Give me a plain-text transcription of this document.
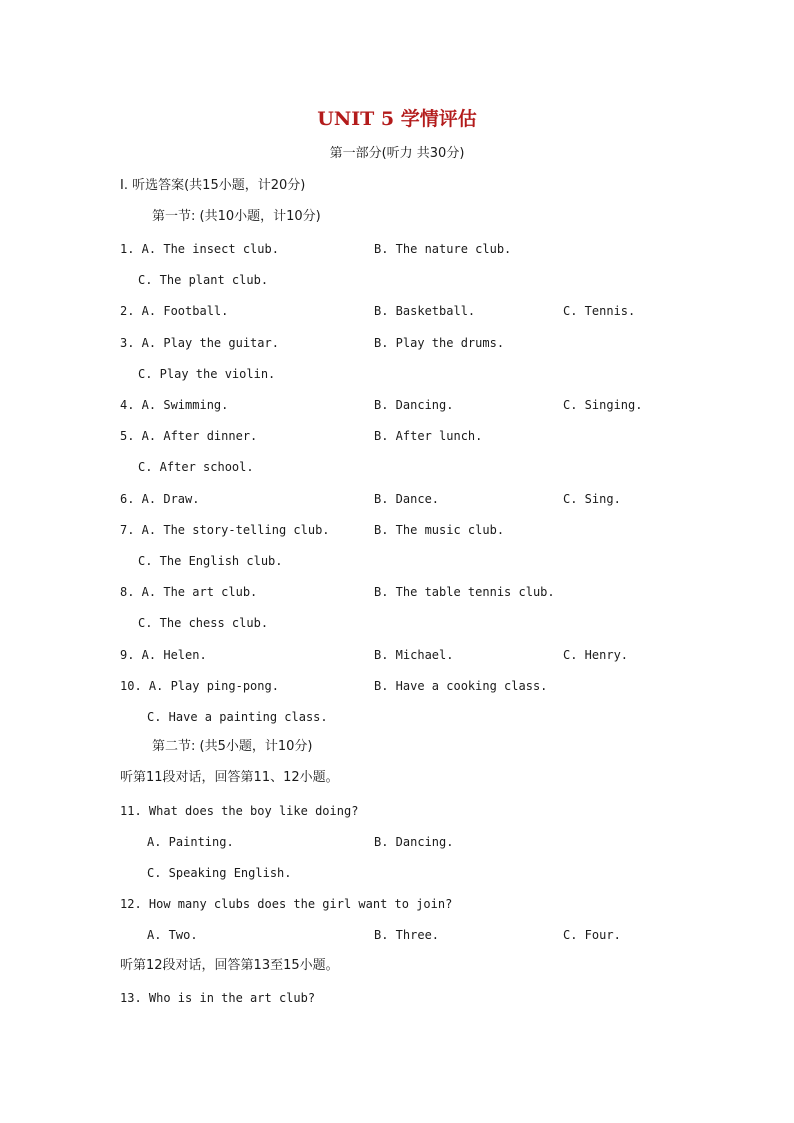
UNIT 5 学情评估
第一部分(听力 共30分)
Ⅰ. 听选答案(共15小题，计20分)
第一节: (共10小题，计10分)
1. A. The insect club.	B. The nature club.
C. The plant club.
2. A. Football.	B. Basketball.	C. Tennis.
3. A. Play the guitar.	B. Play the drums.
C. Play the violin.
4. A. Swimming.	B. Dancing.	C. Singing.
5. A. After dinner.	B. After lunch.
C. After school.
6. A. Draw.	B. Dance.	C. Sing.
7. A. The story-telling club.	B. The music club.
C. The English club.
8. A. The art club.	B. The table tennis club.
C. The chess club.
9. A. Helen.	B. Michael.	C. Henry.
10. A. Play ping-pong.	B. Have a cooking class.
C. Have a painting class.
第二节: (共5小题，计10分)
听第11段对话，回答第11、12小题。
11. What does the boy like doing?
A. Painting.	B. Dancing.
C. Speaking English.
12. How many clubs does the girl want to join?
A. Two.	B. Three.	C. Four.
听第12段对话，回答第13至15小题。
13. Who is in the art club?
